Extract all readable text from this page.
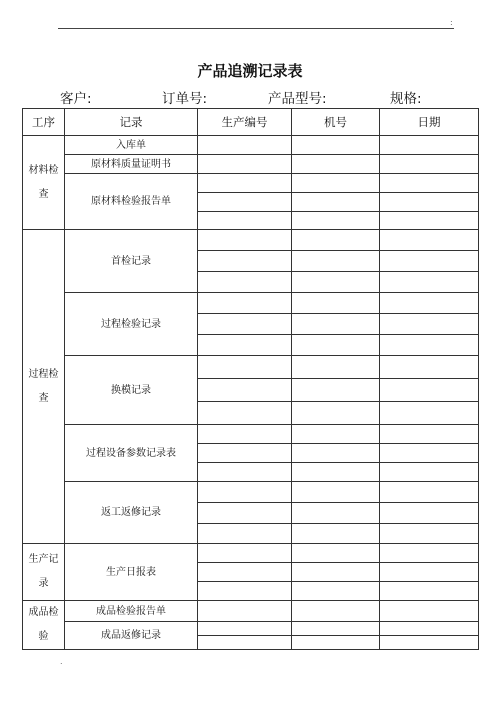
:
产品追溯记录表
客户:	订单号:	产品型号:	规格:
工序	记录	生产编号	机号	日期

材料检
查	入库单			
	原材料质量证明书			
	原材料检验报告单			

过程检
查	首检记录			

	过程检验记录			

	换模记录			

	过程设备参数记录表			

	返工返修记录			

生产记
录	生产日报表			

成品检
验	成品检验报告单			
	成品返修记录			

.
